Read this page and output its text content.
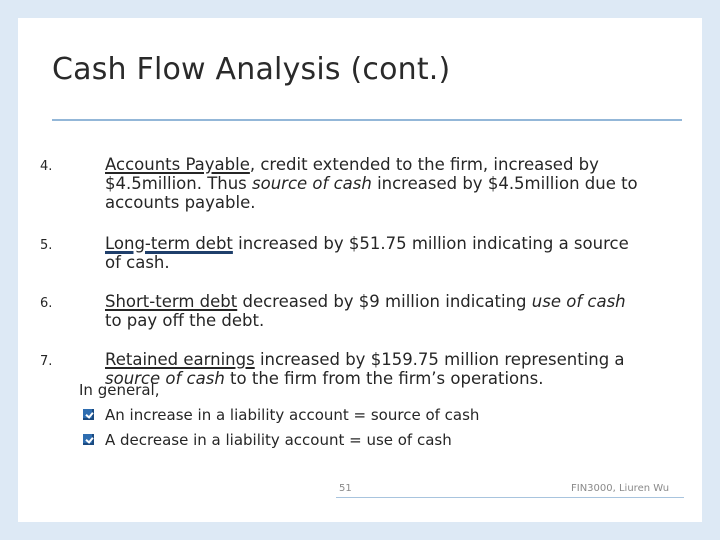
Cash Flow Analysis (cont.)
4.	Accounts Payable, credit extended to the firm, increased by $4.5million. Thus source of cash increased by $4.5million due to accounts payable.
5.	Long-term debt increased by $51.75 million indicating a source of cash.
6.	Short-term debt decreased by $9 million indicating use of cash to pay off the debt.
7.	Retained earnings increased by $159.75 million representing a source of cash to the firm from the firm’s operations.
In general,
An increase in a liability account = source of cash
A decrease in a liability account = use of cash
51	FIN3000, Liuren Wu
